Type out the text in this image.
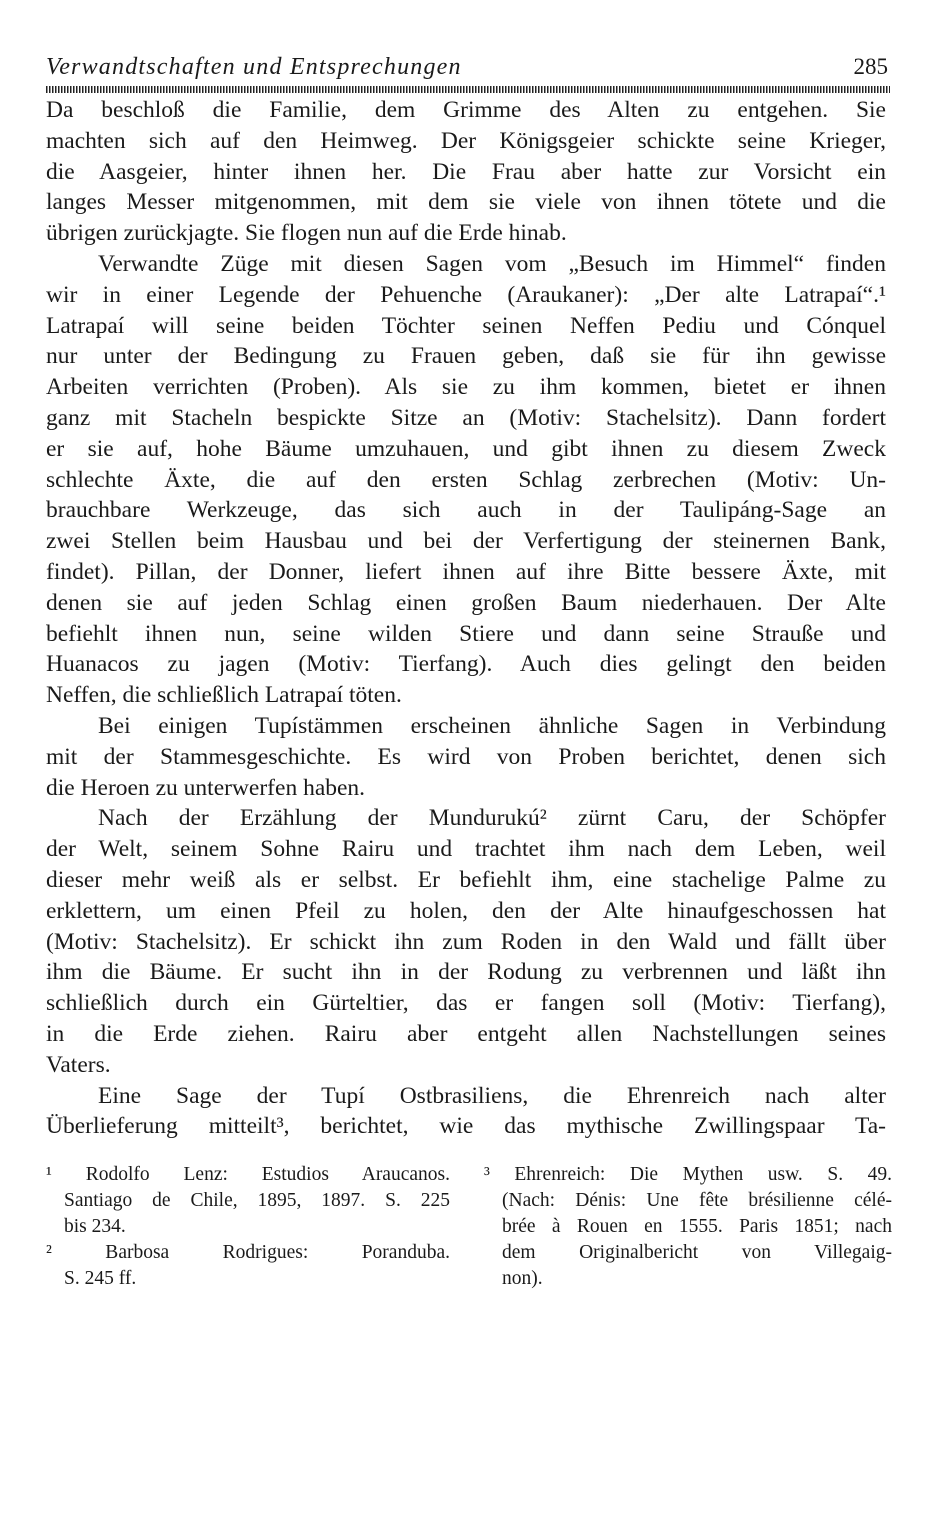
Verwandtschaften und Entsprechungen	285
Da beschloß die Familie, dem Grimme des Alten zu entgehen. Sie
machten sich auf den Heimweg. Der Königsgeier schickte seine Krieger,
die Aasgeier, hinter ihnen her. Die Frau aber hatte zur Vorsicht ein
langes Messer mitgenommen, mit dem sie viele von ihnen tötete und die
übrigen zurückjagte. Sie flogen nun auf die Erde hinab.
Verwandte Züge mit diesen Sagen vom „Besuch im Himmel“ finden
wir in einer Legende der Pehuenche (Araukaner): „Der alte Latrapaí“.¹
Latrapaí will seine beiden Töchter seinen Neffen Pediu und Cónquel
nur unter der Bedingung zu Frauen geben, daß sie für ihn gewisse
Arbeiten verrichten (Proben). Als sie zu ihm kommen, bietet er ihnen
ganz mit Stacheln bespickte Sitze an (Motiv: Stachelsitz). Dann fordert
er sie auf, hohe Bäume umzuhauen, und gibt ihnen zu diesem Zweck
schlechte Äxte, die auf den ersten Schlag zerbrechen (Motiv: Un-
brauchbare Werkzeuge, das sich auch in der Taulipáng-Sage an
zwei Stellen beim Hausbau und bei der Verfertigung der steinernen Bank,
findet). Pillan, der Donner, liefert ihnen auf ihre Bitte bessere Äxte, mit
denen sie auf jeden Schlag einen großen Baum niederhauen. Der Alte
befiehlt ihnen nun, seine wilden Stiere und dann seine Strauße und
Huanacos zu jagen (Motiv: Tierfang). Auch dies gelingt den beiden
Neffen, die schließlich Latrapaí töten.
Bei einigen Tupístämmen erscheinen ähnliche Sagen in Verbindung
mit der Stammesgeschichte. Es wird von Proben berichtet, denen sich
die Heroen zu unterwerfen haben.
Nach der Erzählung der Mundurukú² zürnt Caru, der Schöpfer
der Welt, seinem Sohne Rairu und trachtet ihm nach dem Leben, weil
dieser mehr weiß als er selbst. Er befiehlt ihm, eine stachelige Palme zu
erklettern, um einen Pfeil zu holen, den der Alte hinaufgeschossen hat
(Motiv: Stachelsitz). Er schickt ihn zum Roden in den Wald und fällt über
ihm die Bäume. Er sucht ihn in der Rodung zu verbrennen und läßt ihn
schließlich durch ein Gürteltier, das er fangen soll (Motiv: Tierfang),
in die Erde ziehen. Rairu aber entgeht allen Nachstellungen seines
Vaters.
Eine Sage der Tupí Ostbrasiliens, die Ehrenreich nach alter
Überlieferung mitteilt³, berichtet, wie das mythische Zwillingspaar Ta-
¹ Rodolfo Lenz: Estudios Araucanos.
Santiago de Chile, 1895, 1897. S. 225
bis 234.
² Barbosa Rodrigues: Poranduba.
S. 245 ff.
³ Ehrenreich: Die Mythen usw. S. 49.
(Nach: Dénis: Une fête brésilienne célé-
brée à Rouen en 1555. Paris 1851; nach
dem Originalbericht von Villegaig-
non).
